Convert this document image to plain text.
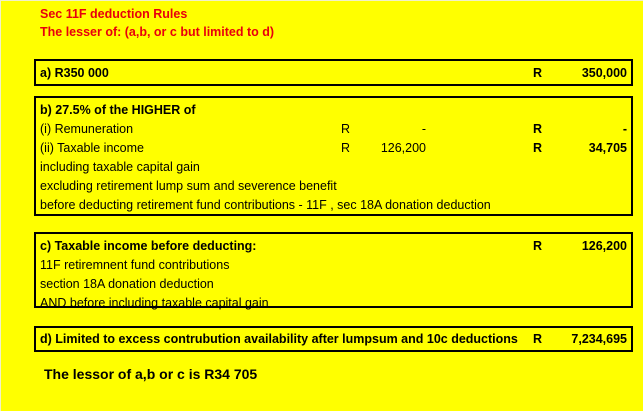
Sec 11F deduction Rules
The lesser of: (a,b, or c but limited to d)
a) R350 000	R	350,000
b) 27.5% of the HIGHER of
(i) Remuneration	R	-	R	-
(ii) Taxable income	R	126,200	R	34,705
including taxable capital gain
excluding retirement lump sum and severence benefit
before deducting retirement fund contributions - 11F , sec 18A donation deduction
c) Taxable income before deducting:	R	126,200
11F retiremnent fund contributions
section 18A donation deduction
AND before including taxable capital gain
d) Limited to excess contrubution availability after lumpsum and 10c deductions R	7,234,695
The lessor of a,b or c is R34 705
